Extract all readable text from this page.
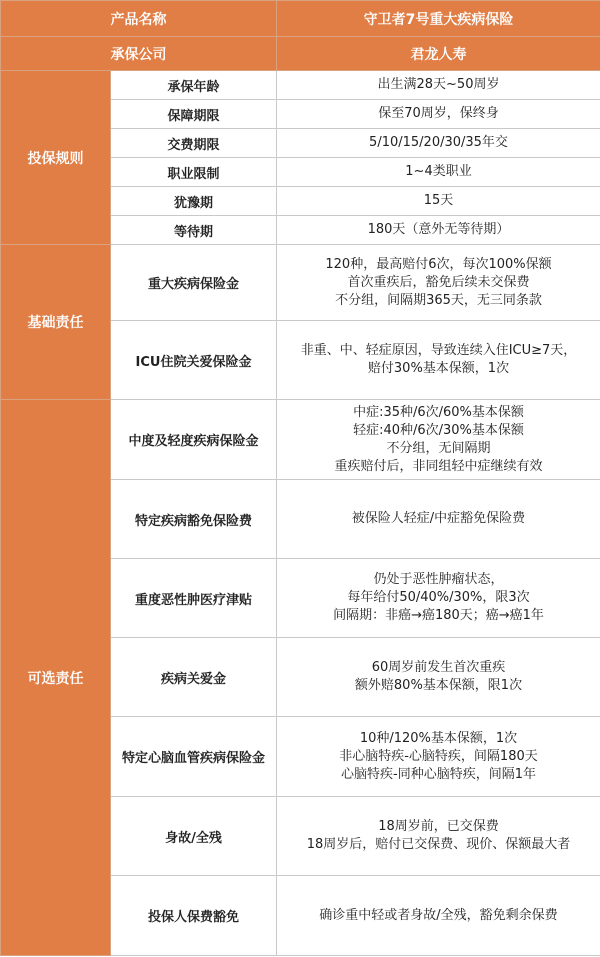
产品名称		守卫者7号重大疾病保险
承保公司		君龙人寿
投保规则	承保年龄	出生满28天~50周岁

	保障期限	保至70周岁，保终身

	交费期限	5/10/15/20/30/35年交

	职业限制	1~4类职业

	犹豫期	15天

	等待期	180天（意外无等待期）

基础责任	重大疾病保险金	120种，最高赔付6次，每次100%保额
首次重疾后，豁免后续未交保费
不分组，间隔期365天，无三同条款

	ICU住院关爱保险金	非重、中、轻症原因，导致连续入住ICU≥7天，
赔付30%基本保额，1次

可选责任	中度及轻度疾病保险金	中症:35种/6次/60%基本保额
轻症:40种/6次/30%基本保额
不分组，无间隔期
重疾赔付后，非同组轻中症继续有效

	特定疾病豁免保险费	被保险人轻症/中症豁免保险费

	重度恶性肿医疗津贴	仍处于恶性肿瘤状态，
每年给付50/40%/30%，限3次
间隔期：非癌→癌180天；癌→癌1年

	疾病关爱金	60周岁前发生首次重疾
额外赔80%基本保额，限1次

	特定心脑血管疾病保险金	10种/120%基本保额，1次
非心脑特疾-心脑特疾，间隔180天
心脑特疾-同种心脑特疾，间隔1年

	身故/全残	18周岁前，已交保费
18周岁后，赔付已交保费、现价、保额最大者

	投保人保费豁免	确诊重中轻或者身故/全残，豁免剩余保费
